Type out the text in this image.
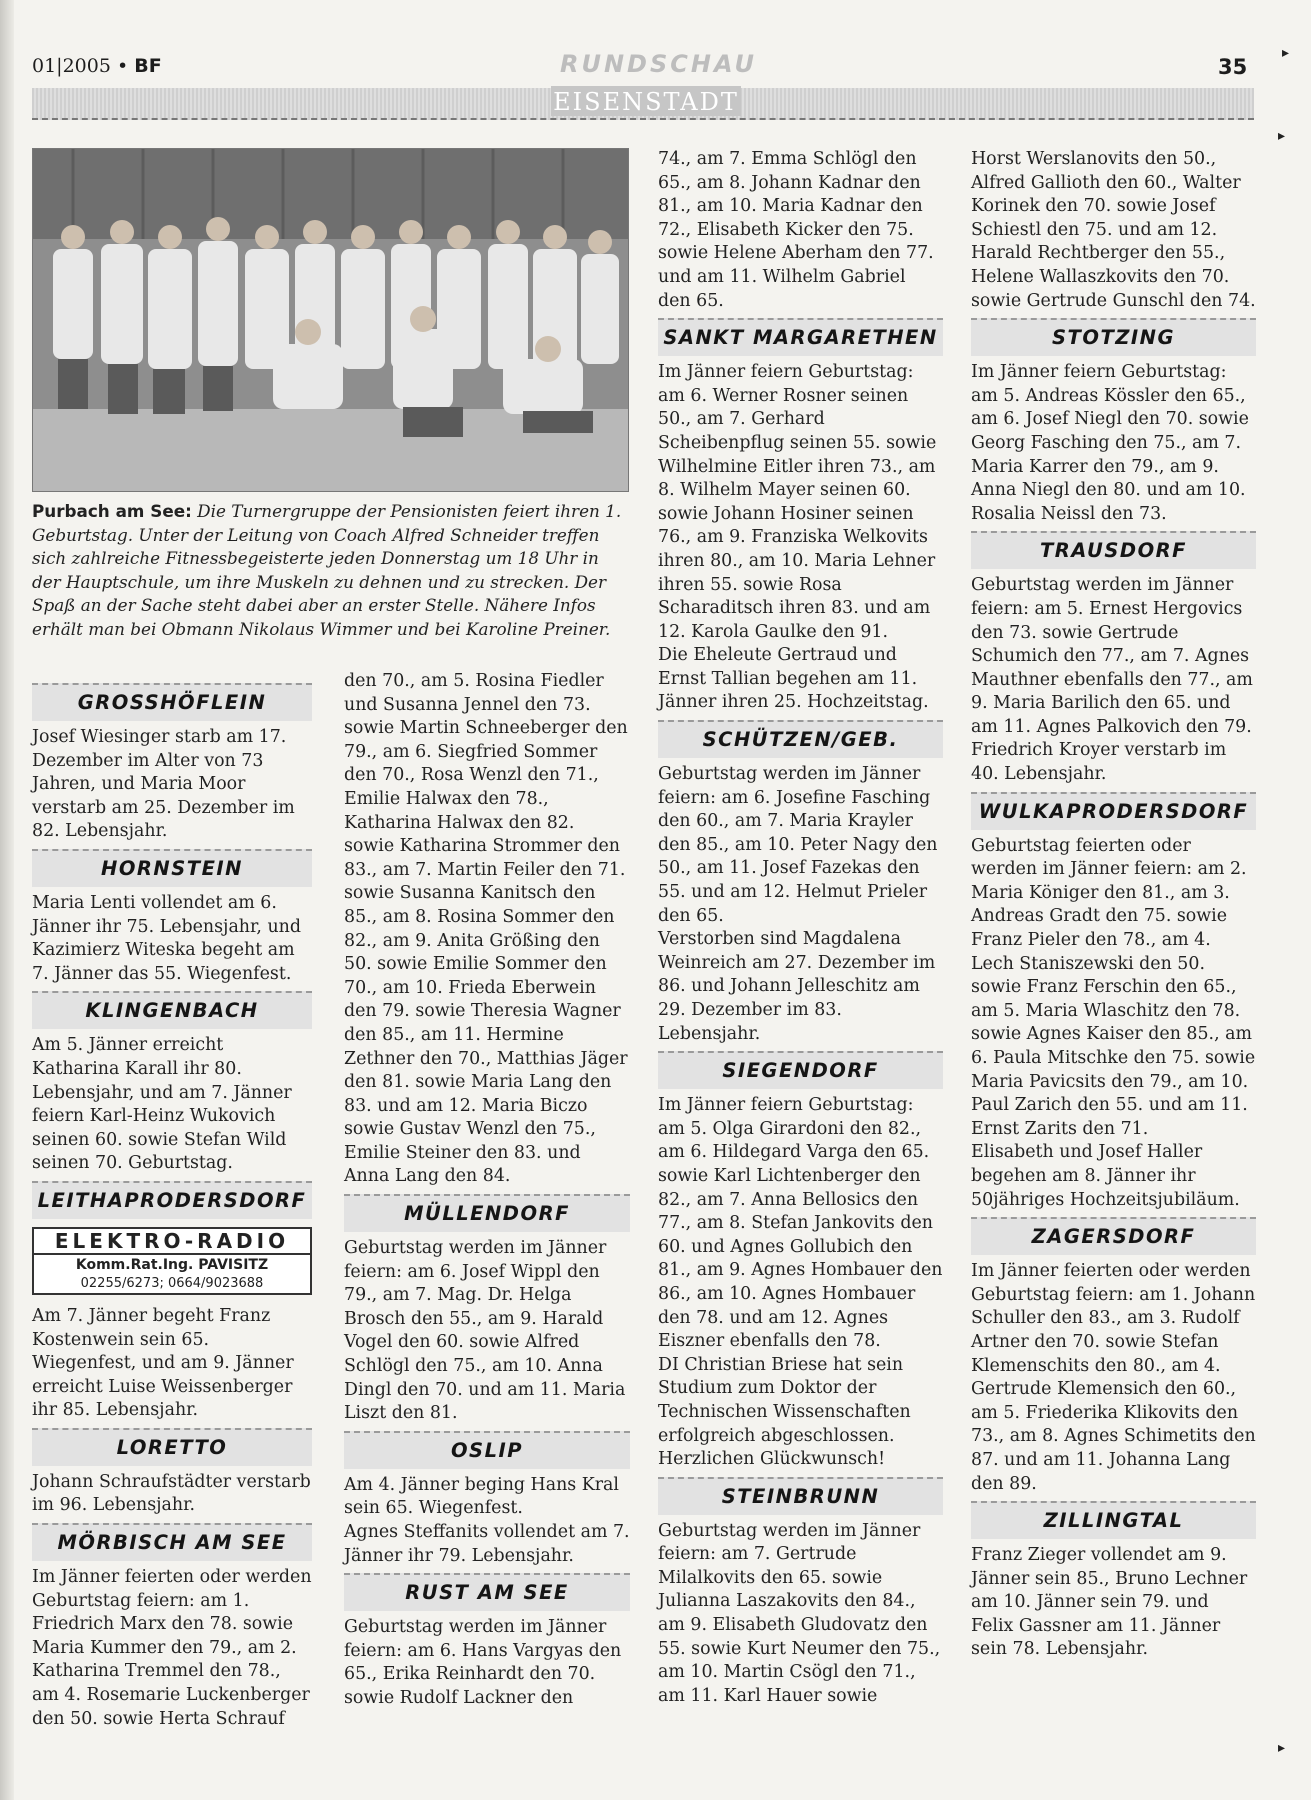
01|2005 • BF	RUNDSCHAU	35
EISENSTADT
Purbach am See: Die Turnergruppe der Pensionisten feiert ihren 1. Geburtstag. Unter der Leitung von Coach Alfred Schneider treffen sich zahlreiche Fitnessbegeisterte jeden Donnerstag um 18 Uhr in der Hauptschule, um ihre Muskeln zu dehnen und zu strecken. Der Spaß an der Sache steht dabei aber an erster Stelle. Nähere Infos erhält man bei Obmann Nikolaus Wimmer und bei Karoline Preiner.
GROSSHÖFLEIN

Josef Wiesinger starb am 17. Dezember im Alter von 73 Jahren, und Maria Moor verstarb am 25. Dezember im 82. Lebensjahr.

HORNSTEIN

Maria Lenti vollendet am 6. Jänner ihr 75. Lebensjahr, und Kazimierz Witeska begeht am 7. Jänner das 55. Wiegenfest.

KLINGENBACH

Am 5. Jänner erreicht Katharina Karall ihr 80. Lebensjahr, und am 7. Jänner feiern Karl-Heinz Wukovich seinen 60. sowie Stefan Wild seinen 70. Geburtstag.

LEITHAPRODERSDORF
ELEKTRO-RADIO
Komm.Rat.Ing. PAVISITZ
02255/6273; 0664/9023688

Am 7. Jänner begeht Franz Kostenwein sein 65. Wiegenfest, und am 9. Jänner erreicht Luise Weissenberger ihr 85. Lebensjahr.

LORETTO

Johann Schraufstädter verstarb im 96. Lebensjahr.

MÖRBISCH AM SEE

Im Jänner feierten oder werden Geburtstag feiern: am 1. Friedrich Marx den 78. sowie Maria Kummer den 79., am 2. Katharina Tremmel den 78., am 4. Rosemarie Luckenberger den 50. sowie Herta Schrauf

den 70., am 5. Rosina Fiedler und Susanna Jennel den 73. sowie Martin Schneeberger den 79., am 6. Siegfried Sommer den 70., Rosa Wenzl den 71., Emilie Halwax den 78., Katharina Halwax den 82. sowie Katharina Strommer den 83., am 7. Martin Feiler den 71. sowie Susanna Kanitsch den 85., am 8. Rosina Sommer den 82., am 9. Anita Größing den 50. sowie Emilie Sommer den 70., am 10. Frieda Eberwein den 79. sowie Theresia Wagner den 85., am 11. Hermine Zethner den 70., Matthias Jäger den 81. sowie Maria Lang den 83. und am 12. Maria Biczo sowie Gustav Wenzl den 75., Emilie Steiner den 83. und Anna Lang den 84.

MÜLLENDORF

Geburtstag werden im Jänner feiern: am 6. Josef Wippl den 79., am 7. Mag. Dr. Helga Brosch den 55., am 9. Harald Vogel den 60. sowie Alfred Schlögl den 75., am 10. Anna Dingl den 70. und am 11. Maria Liszt den 81.

OSLIP

Am 4. Jänner beging Hans Kral sein 65. Wiegenfest.

Agnes Steffanits vollendet am 7. Jänner ihr 79. Lebensjahr.

RUST AM SEE

Geburtstag werden im Jänner feiern: am 6. Hans Vargyas den 65., Erika Reinhardt den 70. sowie Rudolf Lackner den

74., am 7. Emma Schlögl den 65., am 8. Johann Kadnar den 81., am 10. Maria Kadnar den 72., Elisabeth Kicker den 75. sowie Helene Aberham den 77. und am 11. Wilhelm Gabriel den 65.

SANKT MARGARETHEN

Im Jänner feiern Geburtstag: am 6. Werner Rosner seinen 50., am 7. Gerhard Scheibenpflug seinen 55. sowie Wilhelmine Eitler ihren 73., am 8. Wilhelm Mayer seinen 60. sowie Johann Hosiner seinen 76., am 9. Franziska Welkovits ihren 80., am 10. Maria Lehner ihren 55. sowie Rosa Scharaditsch ihren 83. und am 12. Karola Gaulke den 91.

Die Eheleute Gertraud und Ernst Tallian begehen am 11. Jänner ihren 25. Hochzeitstag.

SCHÜTZEN/GEB.

Geburtstag werden im Jänner feiern: am 6. Josefine Fasching den 60., am 7. Maria Krayler den 85., am 10. Peter Nagy den 50., am 11. Josef Fazekas den 55. und am 12. Helmut Prieler den 65.

Verstorben sind Magdalena Weinreich am 27. Dezember im 86. und Johann Jelleschitz am 29. Dezember im 83. Lebensjahr.

SIEGENDORF

Im Jänner feiern Geburtstag: am 5. Olga Girardoni den 82., am 6. Hildegard Varga den 65. sowie Karl Lichtenberger den 82., am 7. Anna Bellosics den 77., am 8. Stefan Jankovits den 60. und Agnes Gollubich den 81., am 9. Agnes Hombauer den 86., am 10. Agnes Hombauer den 78. und am 12. Agnes Eiszner ebenfalls den 78.

DI Christian Briese hat sein Studium zum Doktor der Technischen Wissenschaften erfolgreich abgeschlossen. Herzlichen Glückwunsch!

STEINBRUNN

Geburtstag werden im Jänner feiern: am 7. Gertrude Milalkovits den 65. sowie Julianna Laszakovits den 84., am 9. Elisabeth Gludovatz den 55. sowie Kurt Neumer den 75., am 10. Martin Csögl den 71., am 11. Karl Hauer sowie

Horst Werslanovits den 50., Alfred Gallioth den 60., Walter Korinek den 70. sowie Josef Schiestl den 75. und am 12. Harald Rechtberger den 55., Helene Wallaszkovits den 70. sowie Gertrude Gunschl den 74.

STOTZING

Im Jänner feiern Geburtstag: am 5. Andreas Kössler den 65., am 6. Josef Niegl den 70. sowie Georg Fasching den 75., am 7. Maria Karrer den 79., am 9. Anna Niegl den 80. und am 10. Rosalia Neissl den 73.

TRAUSDORF

Geburtstag werden im Jänner feiern: am 5. Ernest Hergovics den 73. sowie Gertrude Schumich den 77., am 7. Agnes Mauthner ebenfalls den 77., am 9. Maria Barilich den 65. und am 11. Agnes Palkovich den 79.

Friedrich Kroyer verstarb im 40. Lebensjahr.

WULKAPRODERSDORF

Geburtstag feierten oder werden im Jänner feiern: am 2. Maria Königer den 81., am 3. Andreas Gradt den 75. sowie Franz Pieler den 78., am 4. Lech Staniszewski den 50. sowie Franz Ferschin den 65., am 5. Maria Wlaschitz den 78. sowie Agnes Kaiser den 85., am 6. Paula Mitschke den 75. sowie Maria Pavicsits den 79., am 10. Paul Zarich den 55. und am 11. Ernst Zarits den 71.

Elisabeth und Josef Haller begehen am 8. Jänner ihr 50jähriges Hochzeitsjubiläum.

ZAGERSDORF

Im Jänner feierten oder werden Geburtstag feiern: am 1. Johann Schuller den 83., am 3. Rudolf Artner den 70. sowie Stefan Klemenschits den 80., am 4. Gertrude Klemensich den 60., am 5. Friederika Klikovits den 73., am 8. Agnes Schimetits den 87. und am 11. Johanna Lang den 89.

ZILLINGTAL

Franz Zieger vollendet am 9. Jänner sein 85., Bruno Lechner am 10. Jänner sein 79. und Felix Gassner am 11. Jänner sein 78. Lebensjahr.

▸
▸
▸
